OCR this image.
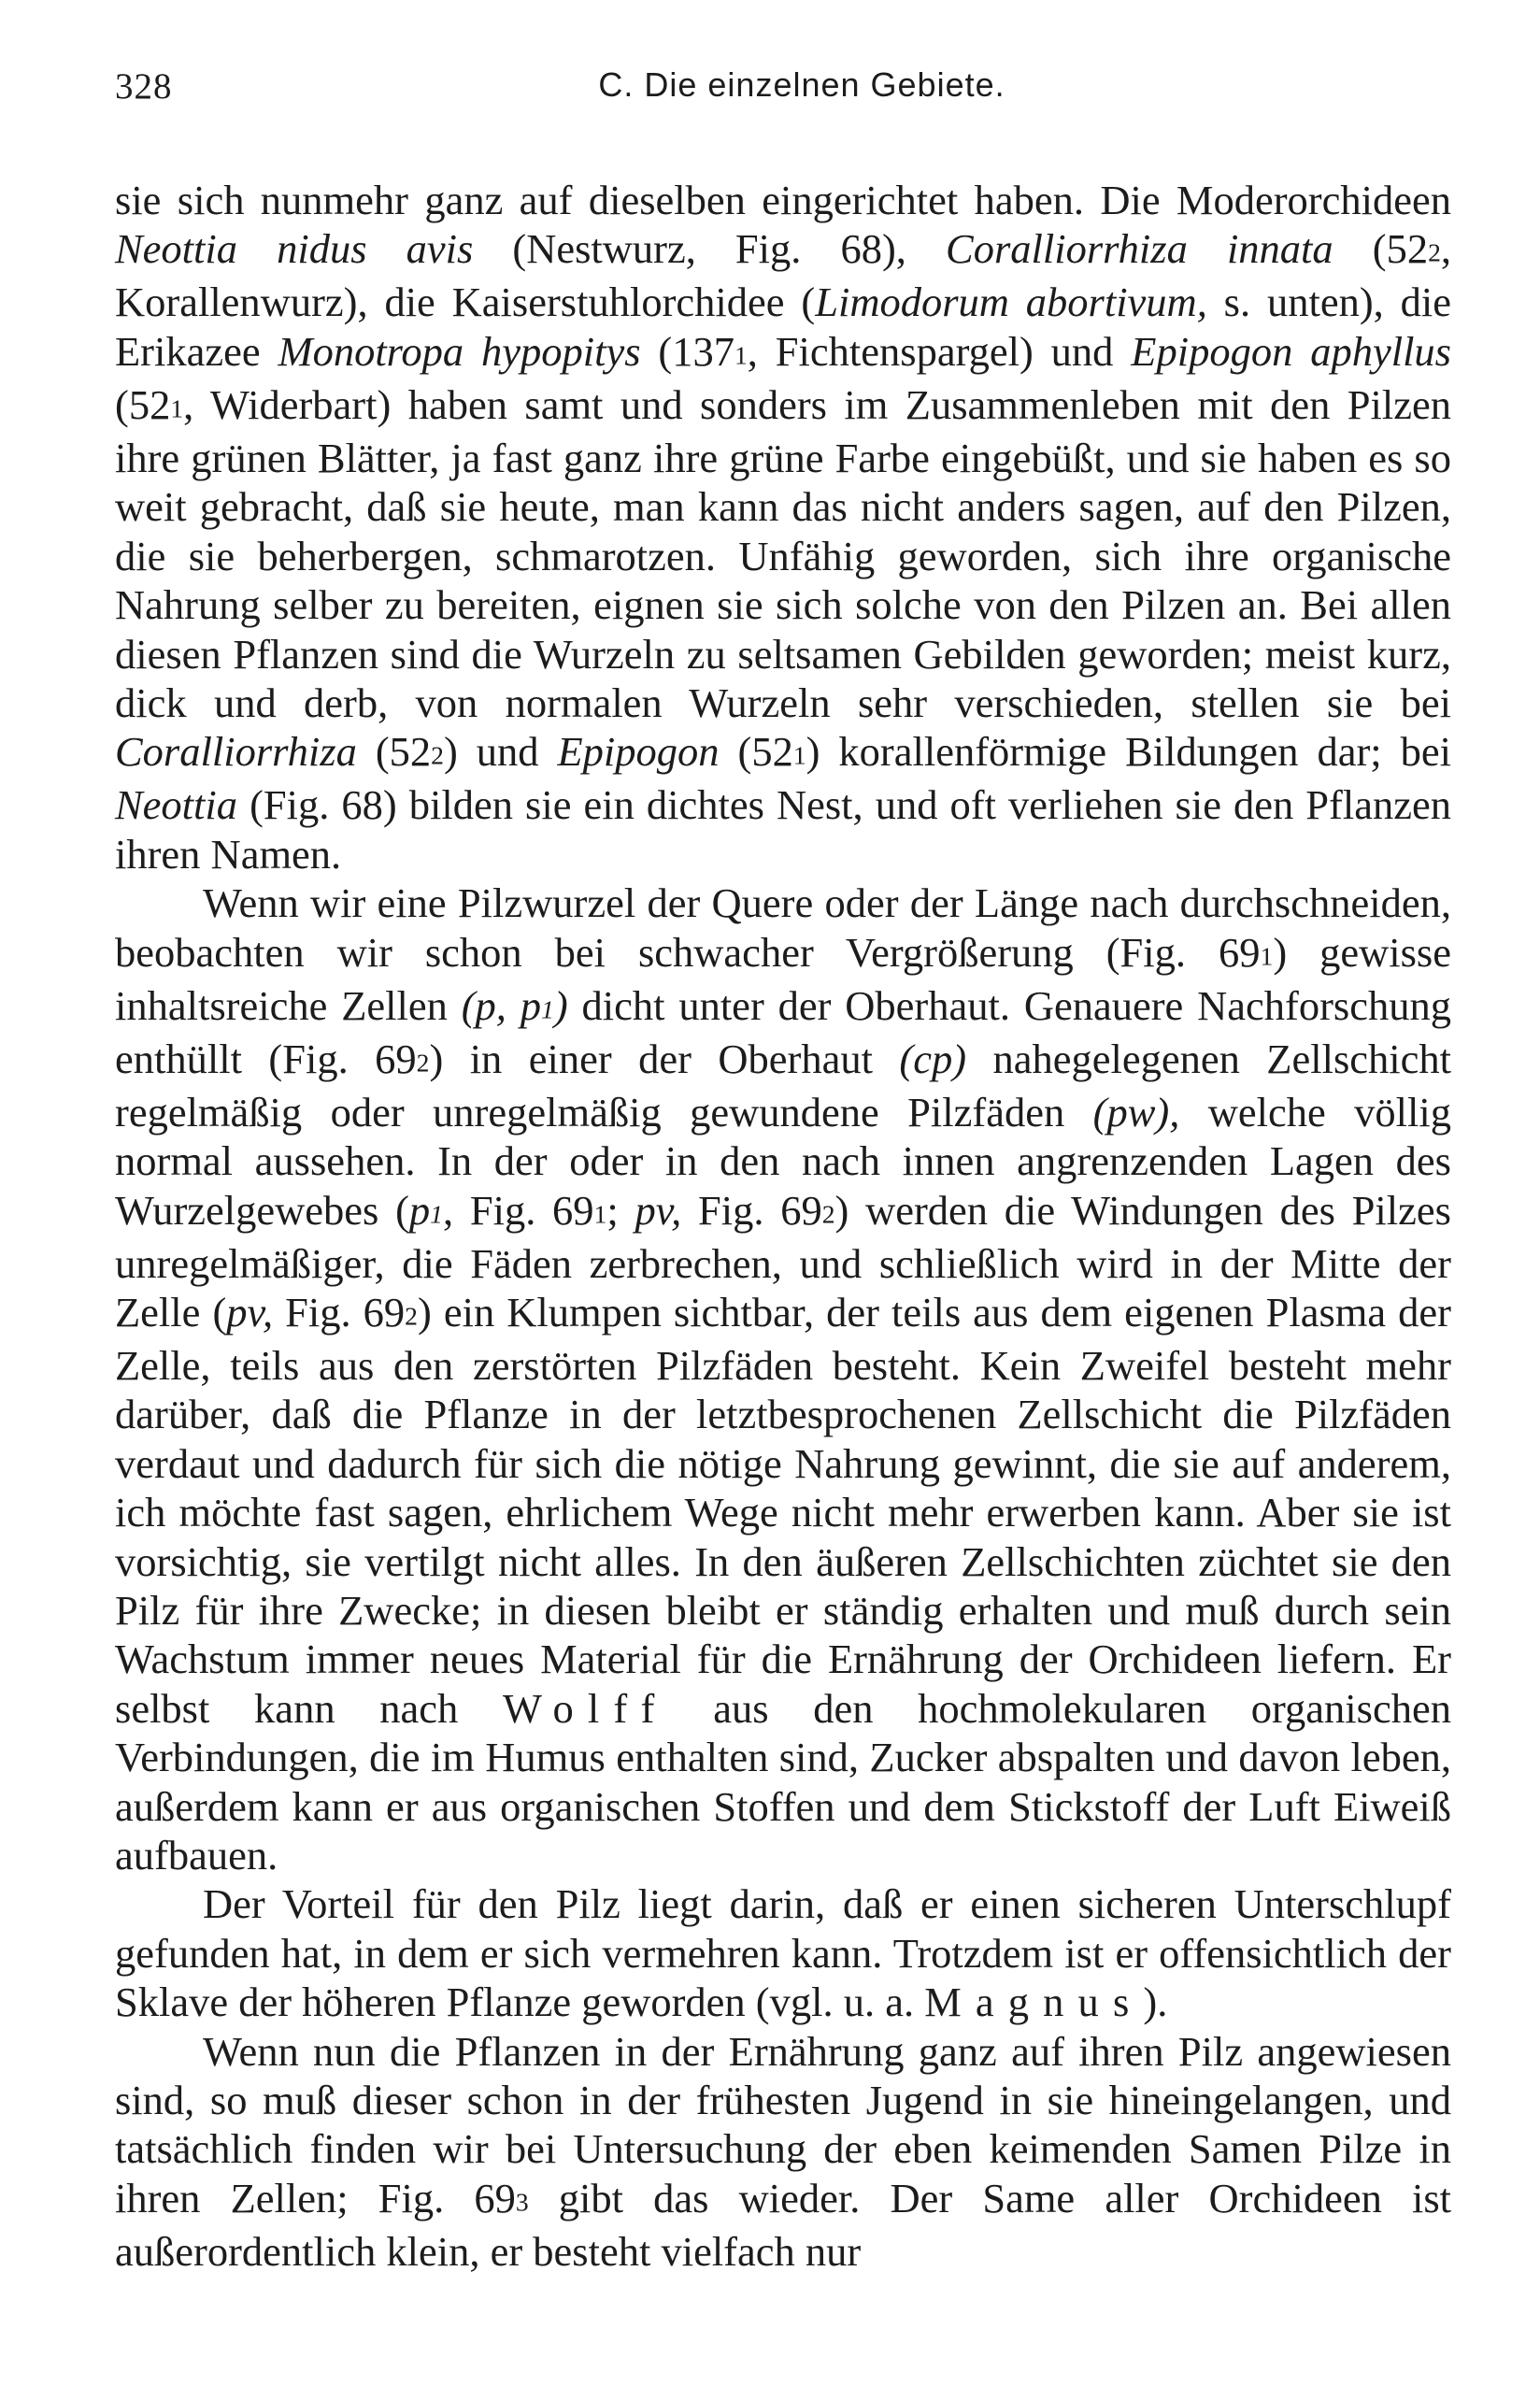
328	C. Die einzelnen Gebiete.

sie sich nunmehr ganz auf dieselben eingerichtet haben. Die Moderorchideen Neottia nidus avis (Nestwurz, Fig. 68), Coralliorrhiza innata (522, Korallenwurz), die Kaiserstuhlorchidee (Limodorum abortivum, s. unten), die Erikazee Monotropa hypopitys (1371, Fichtenspargel) und Epipogon aphyllus (521, Widerbart) haben samt und sonders im Zusammenleben mit den Pilzen ihre grünen Blätter, ja fast ganz ihre grüne Farbe eingebüßt, und sie haben es so weit gebracht, daß sie heute, man kann das nicht anders sagen, auf den Pilzen, die sie beherbergen, schmarotzen. Unfähig geworden, sich ihre organische Nahrung selber zu bereiten, eignen sie sich solche von den Pilzen an. Bei allen diesen Pflanzen sind die Wurzeln zu seltsamen Gebilden geworden; meist kurz, dick und derb, von normalen Wurzeln sehr verschieden, stellen sie bei Coralliorrhiza (522) und Epipogon (521) korallenförmige Bildungen dar; bei Neottia (Fig. 68) bilden sie ein dichtes Nest, und oft verliehen sie den Pflanzen ihren Namen.

Wenn wir eine Pilzwurzel der Quere oder der Länge nach durchschneiden, beobachten wir schon bei schwacher Vergrößerung (Fig. 691) gewisse inhaltsreiche Zellen (p, p1) dicht unter der Oberhaut. Genauere Nachforschung enthüllt (Fig. 692) in einer der Oberhaut (cp) nahegelegenen Zellschicht regelmäßig oder unregelmäßig gewundene Pilzfäden (pw), welche völlig normal aussehen. In der oder in den nach innen angrenzenden Lagen des Wurzelgewebes (p1, Fig. 691; pv, Fig. 692) werden die Windungen des Pilzes unregelmäßiger, die Fäden zerbrechen, und schließlich wird in der Mitte der Zelle (pv, Fig. 692) ein Klumpen sichtbar, der teils aus dem eigenen Plasma der Zelle, teils aus den zerstörten Pilzfäden besteht. Kein Zweifel besteht mehr darüber, daß die Pflanze in der letztbesprochenen Zellschicht die Pilzfäden verdaut und dadurch für sich die nötige Nahrung gewinnt, die sie auf anderem, ich möchte fast sagen, ehrlichem Wege nicht mehr erwerben kann. Aber sie ist vorsichtig, sie vertilgt nicht alles. In den äußeren Zellschichten züchtet sie den Pilz für ihre Zwecke; in diesen bleibt er ständig erhalten und muß durch sein Wachstum immer neues Material für die Ernährung der Orchideen liefern. Er selbst kann nach Wolff aus den hochmolekularen organischen Verbindungen, die im Humus enthalten sind, Zucker abspalten und davon leben, außerdem kann er aus organischen Stoffen und dem Stickstoff der Luft Eiweiß aufbauen.

Der Vorteil für den Pilz liegt darin, daß er einen sicheren Unterschlupf gefunden hat, in dem er sich vermehren kann. Trotzdem ist er offensichtlich der Sklave der höheren Pflanze geworden (vgl. u. a. Magnus).

Wenn nun die Pflanzen in der Ernährung ganz auf ihren Pilz angewiesen sind, so muß dieser schon in der frühesten Jugend in sie hineingelangen, und tatsächlich finden wir bei Untersuchung der eben keimenden Samen Pilze in ihren Zellen; Fig. 693 gibt das wieder. Der Same aller Orchideen ist außerordentlich klein, er besteht vielfach nur
